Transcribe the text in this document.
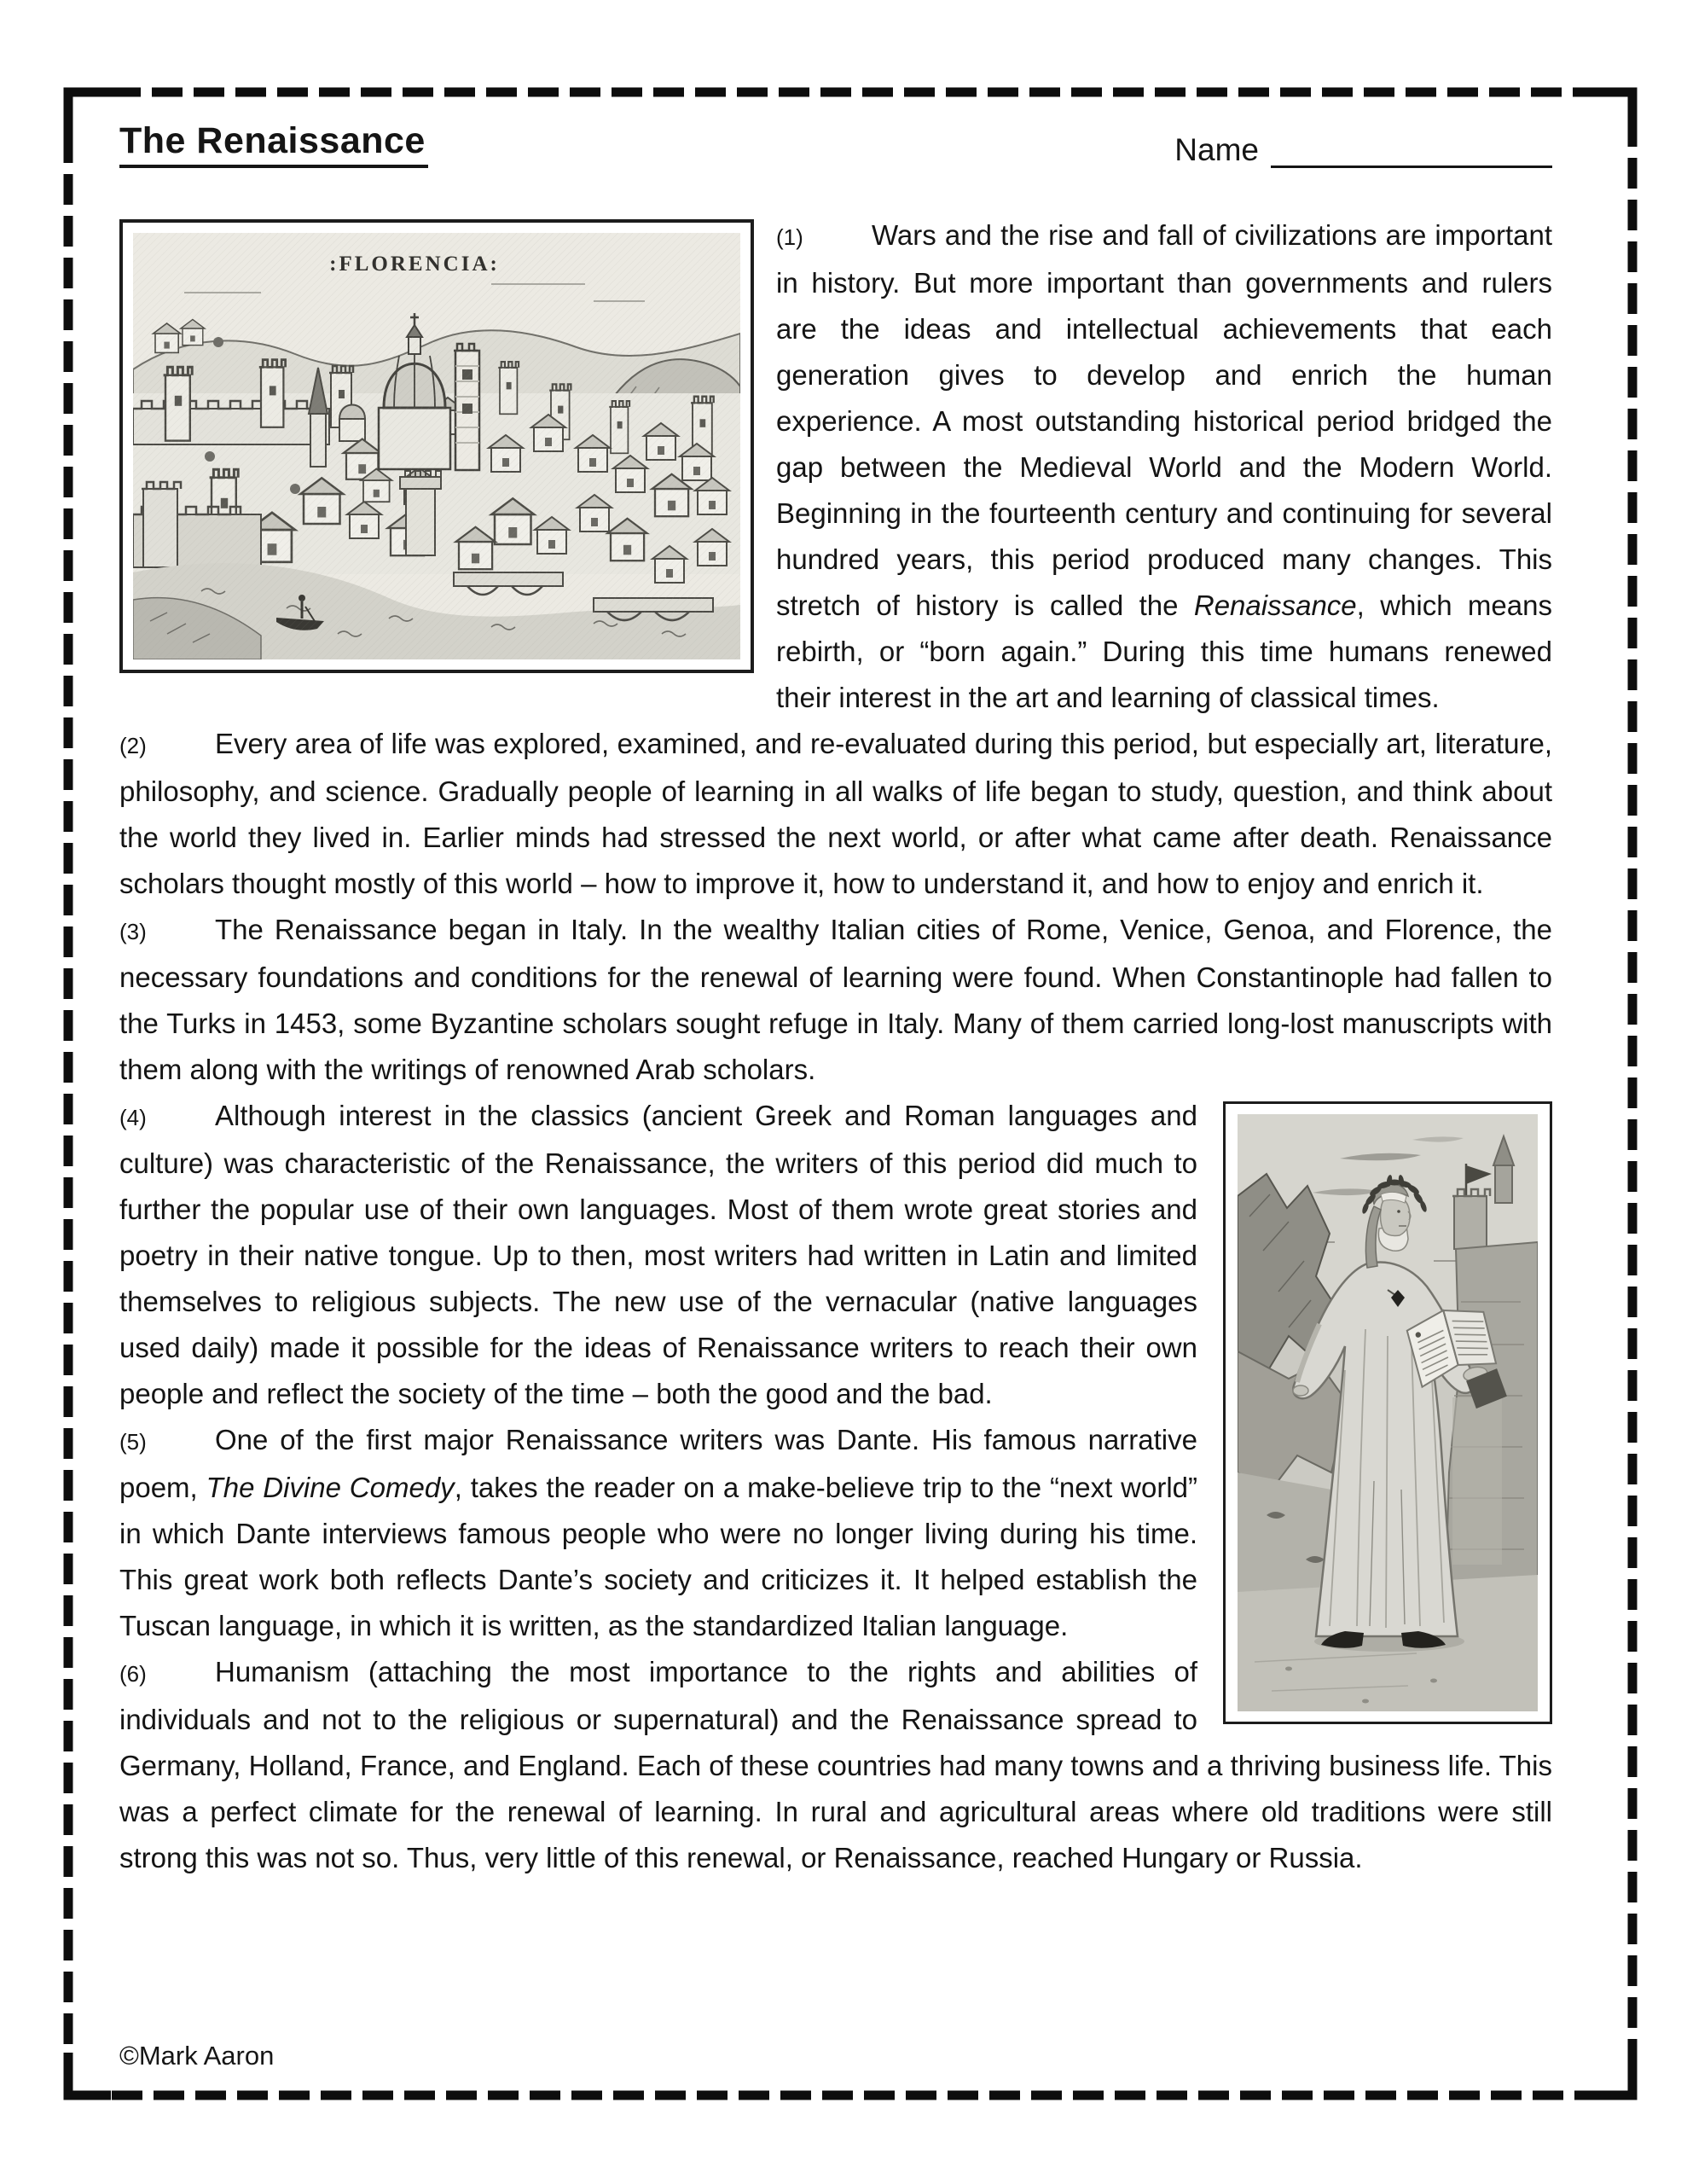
The Renaissance	Name
:FLORENCIA:

(1) Wars and the rise and fall of civilizations are important in history. But more important than governments and rulers are the ideas and intellectual achievements that each generation gives to develop and enrich the human experience. A most outstanding historical period bridged the gap between the Medieval World and the Modern World. Beginning in the fourteenth century and continuing for several hundred years, this period produced many changes. This stretch of history is called the Renaissance, which means rebirth, or “born again.” During this time humans renewed their interest in the art and learning of classical times.

(2) Every area of life was explored, examined, and re-evaluated during this period, but especially art, literature, philosophy, and science. Gradually people of learning in all walks of life began to study, question, and think about the world they lived in. Earlier minds had stressed the next world, or after what came after death. Renaissance scholars thought mostly of this world – how to improve it, how to understand it, and how to enjoy and enrich it.

(3) The Renaissance began in Italy. In the wealthy Italian cities of Rome, Venice, Genoa, and Florence, the necessary foundations and conditions for the renewal of learning were found. When Constantinople had fallen to the Turks in 1453, some Byzantine scholars sought refuge in Italy. Many of them carried long-lost manuscripts with them along with the writings of renowned Arab scholars.

(4) Although interest in the classics (ancient Greek and Roman languages and culture) was characteristic of the Renaissance, the writers of this period did much to further the popular use of their own languages. Most of them wrote great stories and poetry in their native tongue. Up to then, most writers had written in Latin and limited themselves to religious subjects. The new use of the vernacular (native languages used daily) made it possible for the ideas of Renaissance writers to reach their own people and reflect the society of the time – both the good and the bad.

(5) One of the first major Renaissance writers was Dante. His famous narrative poem, The Divine Comedy, takes the reader on a make-believe trip to the “next world” in which Dante interviews famous people who were no longer living during his time. This great work both reflects Dante’s society and criticizes it. It helped establish the Tuscan language, in which it is written, as the standardized Italian language.

(6) Humanism (attaching the most importance to the rights and abilities of individuals and not to the religious or supernatural) and the Renaissance spread to Germany, Holland, France, and England. Each of these countries had many towns and a thriving business life. This was a perfect climate for the renewal of learning. In rural and agricultural areas where old traditions were still strong this was not so. Thus, very little of this renewal, or Renaissance, reached Hungary or Russia.

©Mark Aaron
